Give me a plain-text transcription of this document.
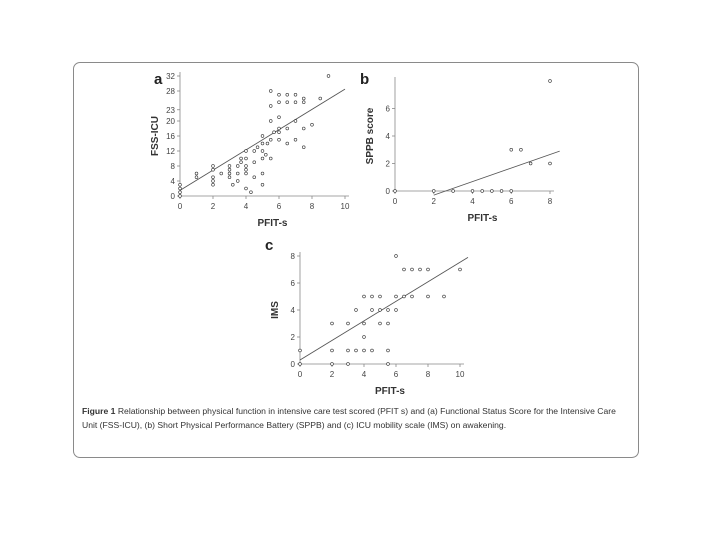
0	2	4	6	8	10
0
4
8
12
16
20
23
28
32
PFIT-s
FSS-ICU
a
0	2	4	6	8
0
2
4
6
PFIT-s
SPPB score
b
0	2	4	6	8	10
0
2
4
6
8
PFIT-s
IMS
c
Figure 1 Relationship between physical function in intensive care test scored (PFIT s) and (a) Functional Status Score for the Intensive Care Unit (FSS-ICU), (b) Short Physical Performance Battery (SPPB) and (c) ICU mobility scale (IMS) on awakening.
